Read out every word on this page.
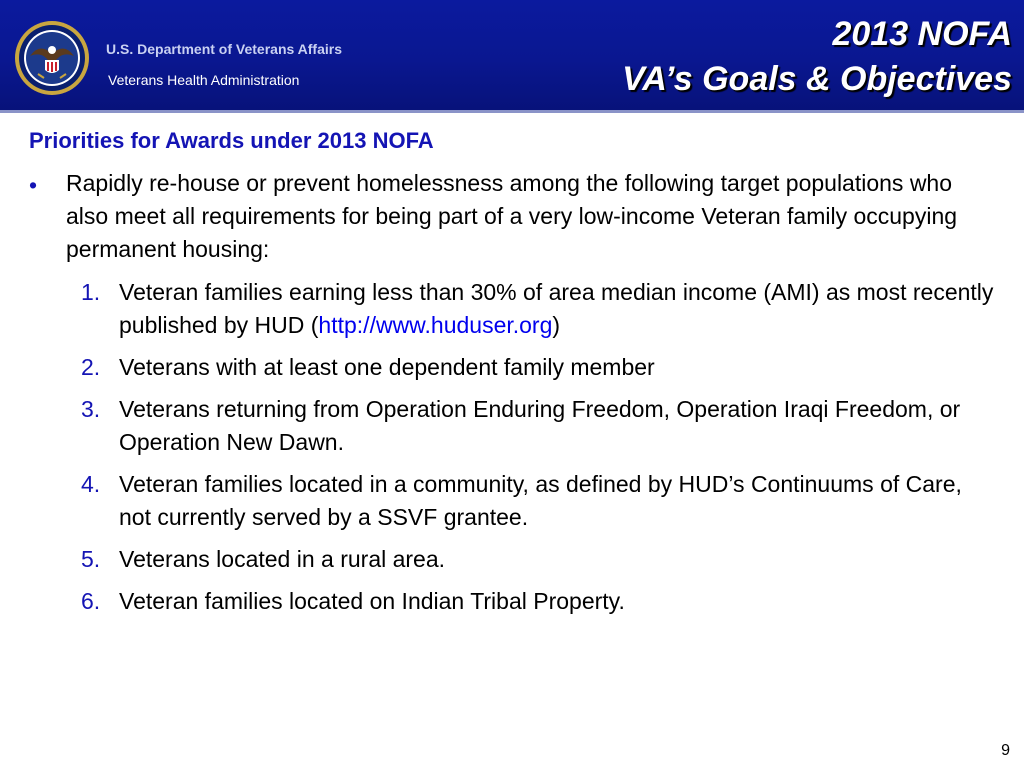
U.S. Department of Veterans Affairs
Veterans Health Administration
2013 NOFA
VA’s Goals & Objectives
Priorities for Awards under 2013 NOFA
• Rapidly re-house or prevent homelessness among the following target populations who also meet all requirements for being part of a very low-income Veteran family occupying permanent housing:
1. Veteran families earning less than 30% of area median income (AMI) as most recently published by HUD (http://www.huduser.org)
2. Veterans with at least one dependent family member
3. Veterans returning from Operation Enduring Freedom, Operation Iraqi Freedom, or Operation New Dawn.
4. Veteran families located in a community, as defined by HUD’s Continuums of Care, not currently served by a SSVF grantee.
5. Veterans located in a rural area.
6. Veteran families located on Indian Tribal Property.
9
